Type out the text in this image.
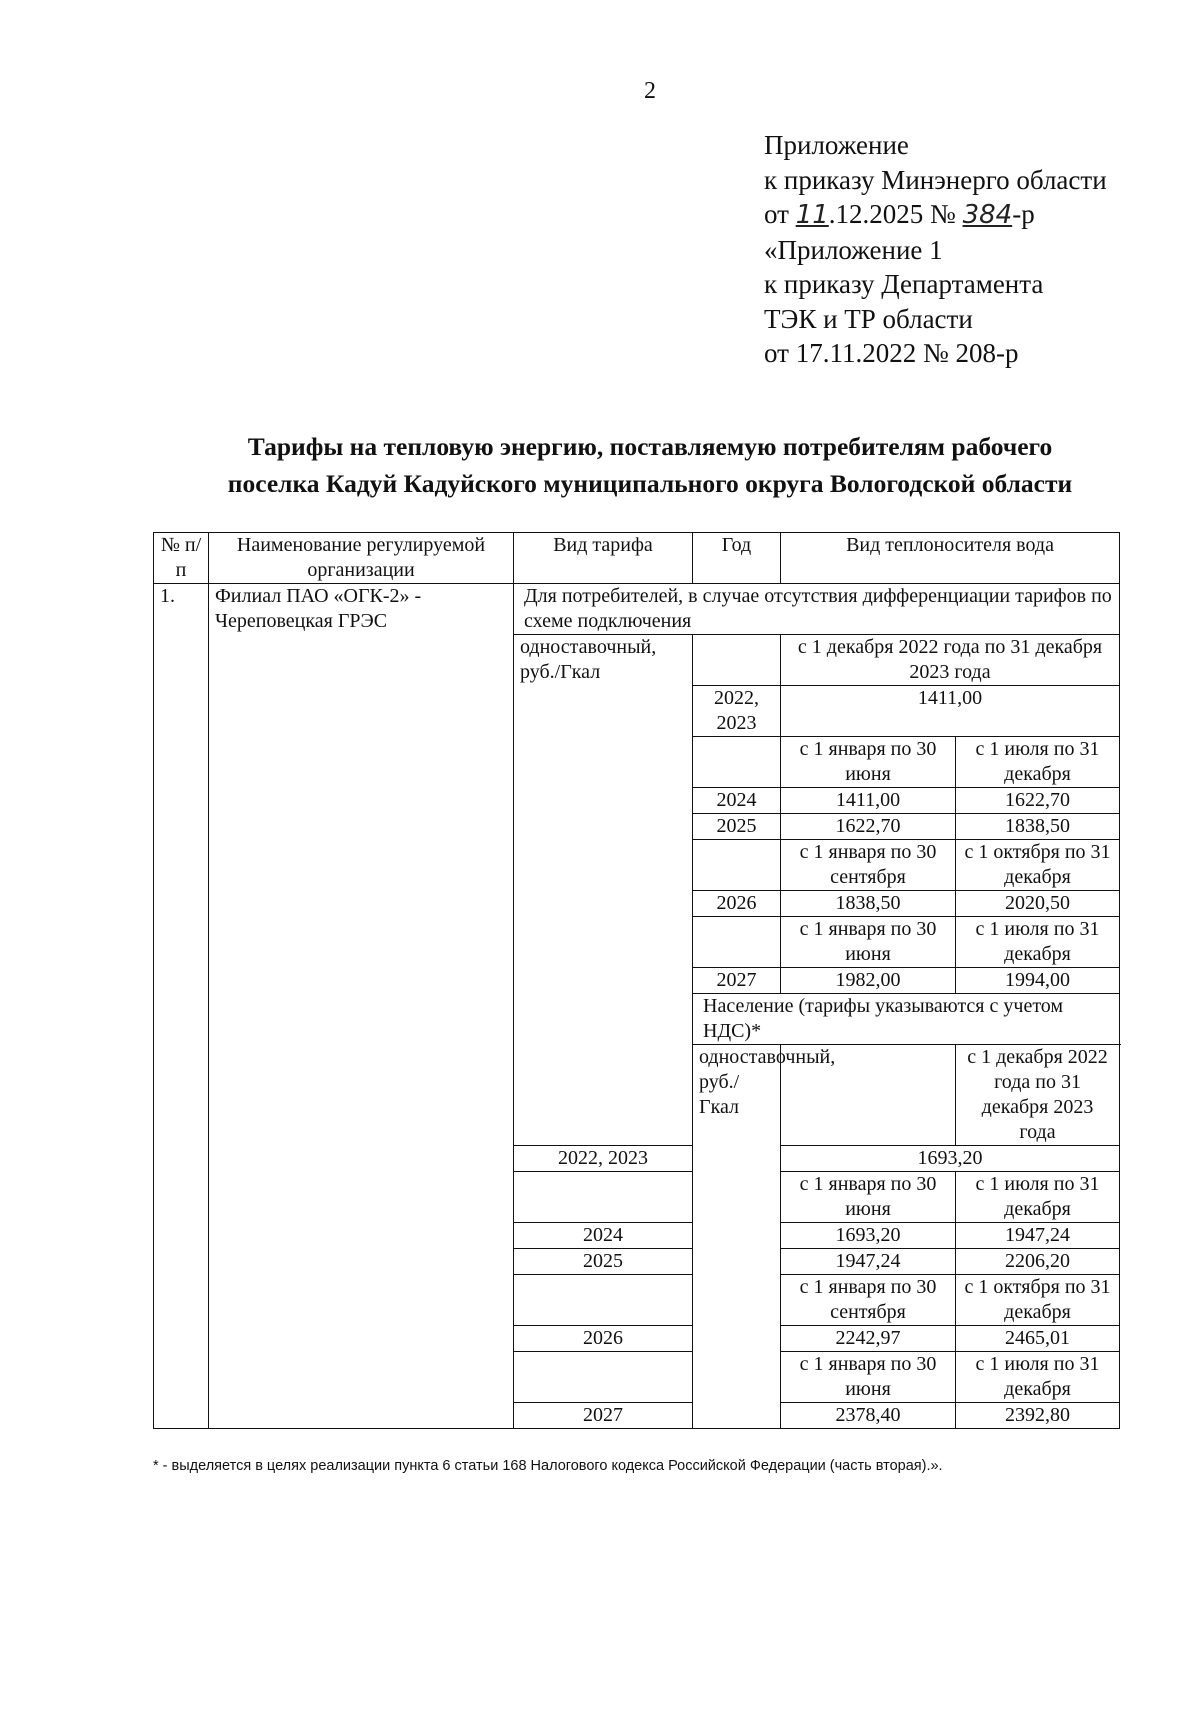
2
Приложение
к приказу Минэнерго области
от 11.12.2025 № 384-р
«Приложение 1
к приказу Департамента
ТЭК и ТР области
от 17.11.2022 № 208-р
Тарифы на тепловую энергию, поставляемую потребителям рабочего
поселка Кадуй Кадуйского муниципального округа Вологодской области
№ п/п	Наименование регулируемой организации	Вид тарифа	Год	Вид теплоносителя вода	
1.	Филиал ПАО «ОГК-2» - Череповецкая ГРЭС	Для потребителей, в случае отсутствия дифференциации тарифов по схеме подключения			
		одноставочный, руб./Гкал		с 1 декабря 2022 года по 31 декабря 2023 года	
			2022, 2023	1411,00	
				с 1 января по 30 июня	с 1 июля по 31 декабря
			2024	1411,00	1622,70
			2025	1622,70	1838,50
				с 1 января по 30 сентября	с 1 октября по 31 декабря
			2026	1838,50	2020,50
				с 1 января по 30 июня	с 1 июля по 31 декабря
			2027	1982,00	1994,00
			Население (тарифы указываются с учетом НДС)*		
			одноставочный, руб./Гкал		с 1 декабря 2022 года по 31 декабря 2023 года
		2022, 2023		1693,20	
				с 1 января по 30 июня	с 1 июля по 31 декабря
		2024		1693,20	1947,24
		2025		1947,24	2206,20
				с 1 января по 30 сентября	с 1 октября по 31 декабря
		2026		2242,97	2465,01
				с 1 января по 30 июня	с 1 июля по 31 декабря
		2027		2378,40	2392,80
* - выделяется в целях реализации пункта 6 статьи 168 Налогового кодекса Российской Федерации (часть вторая).».
